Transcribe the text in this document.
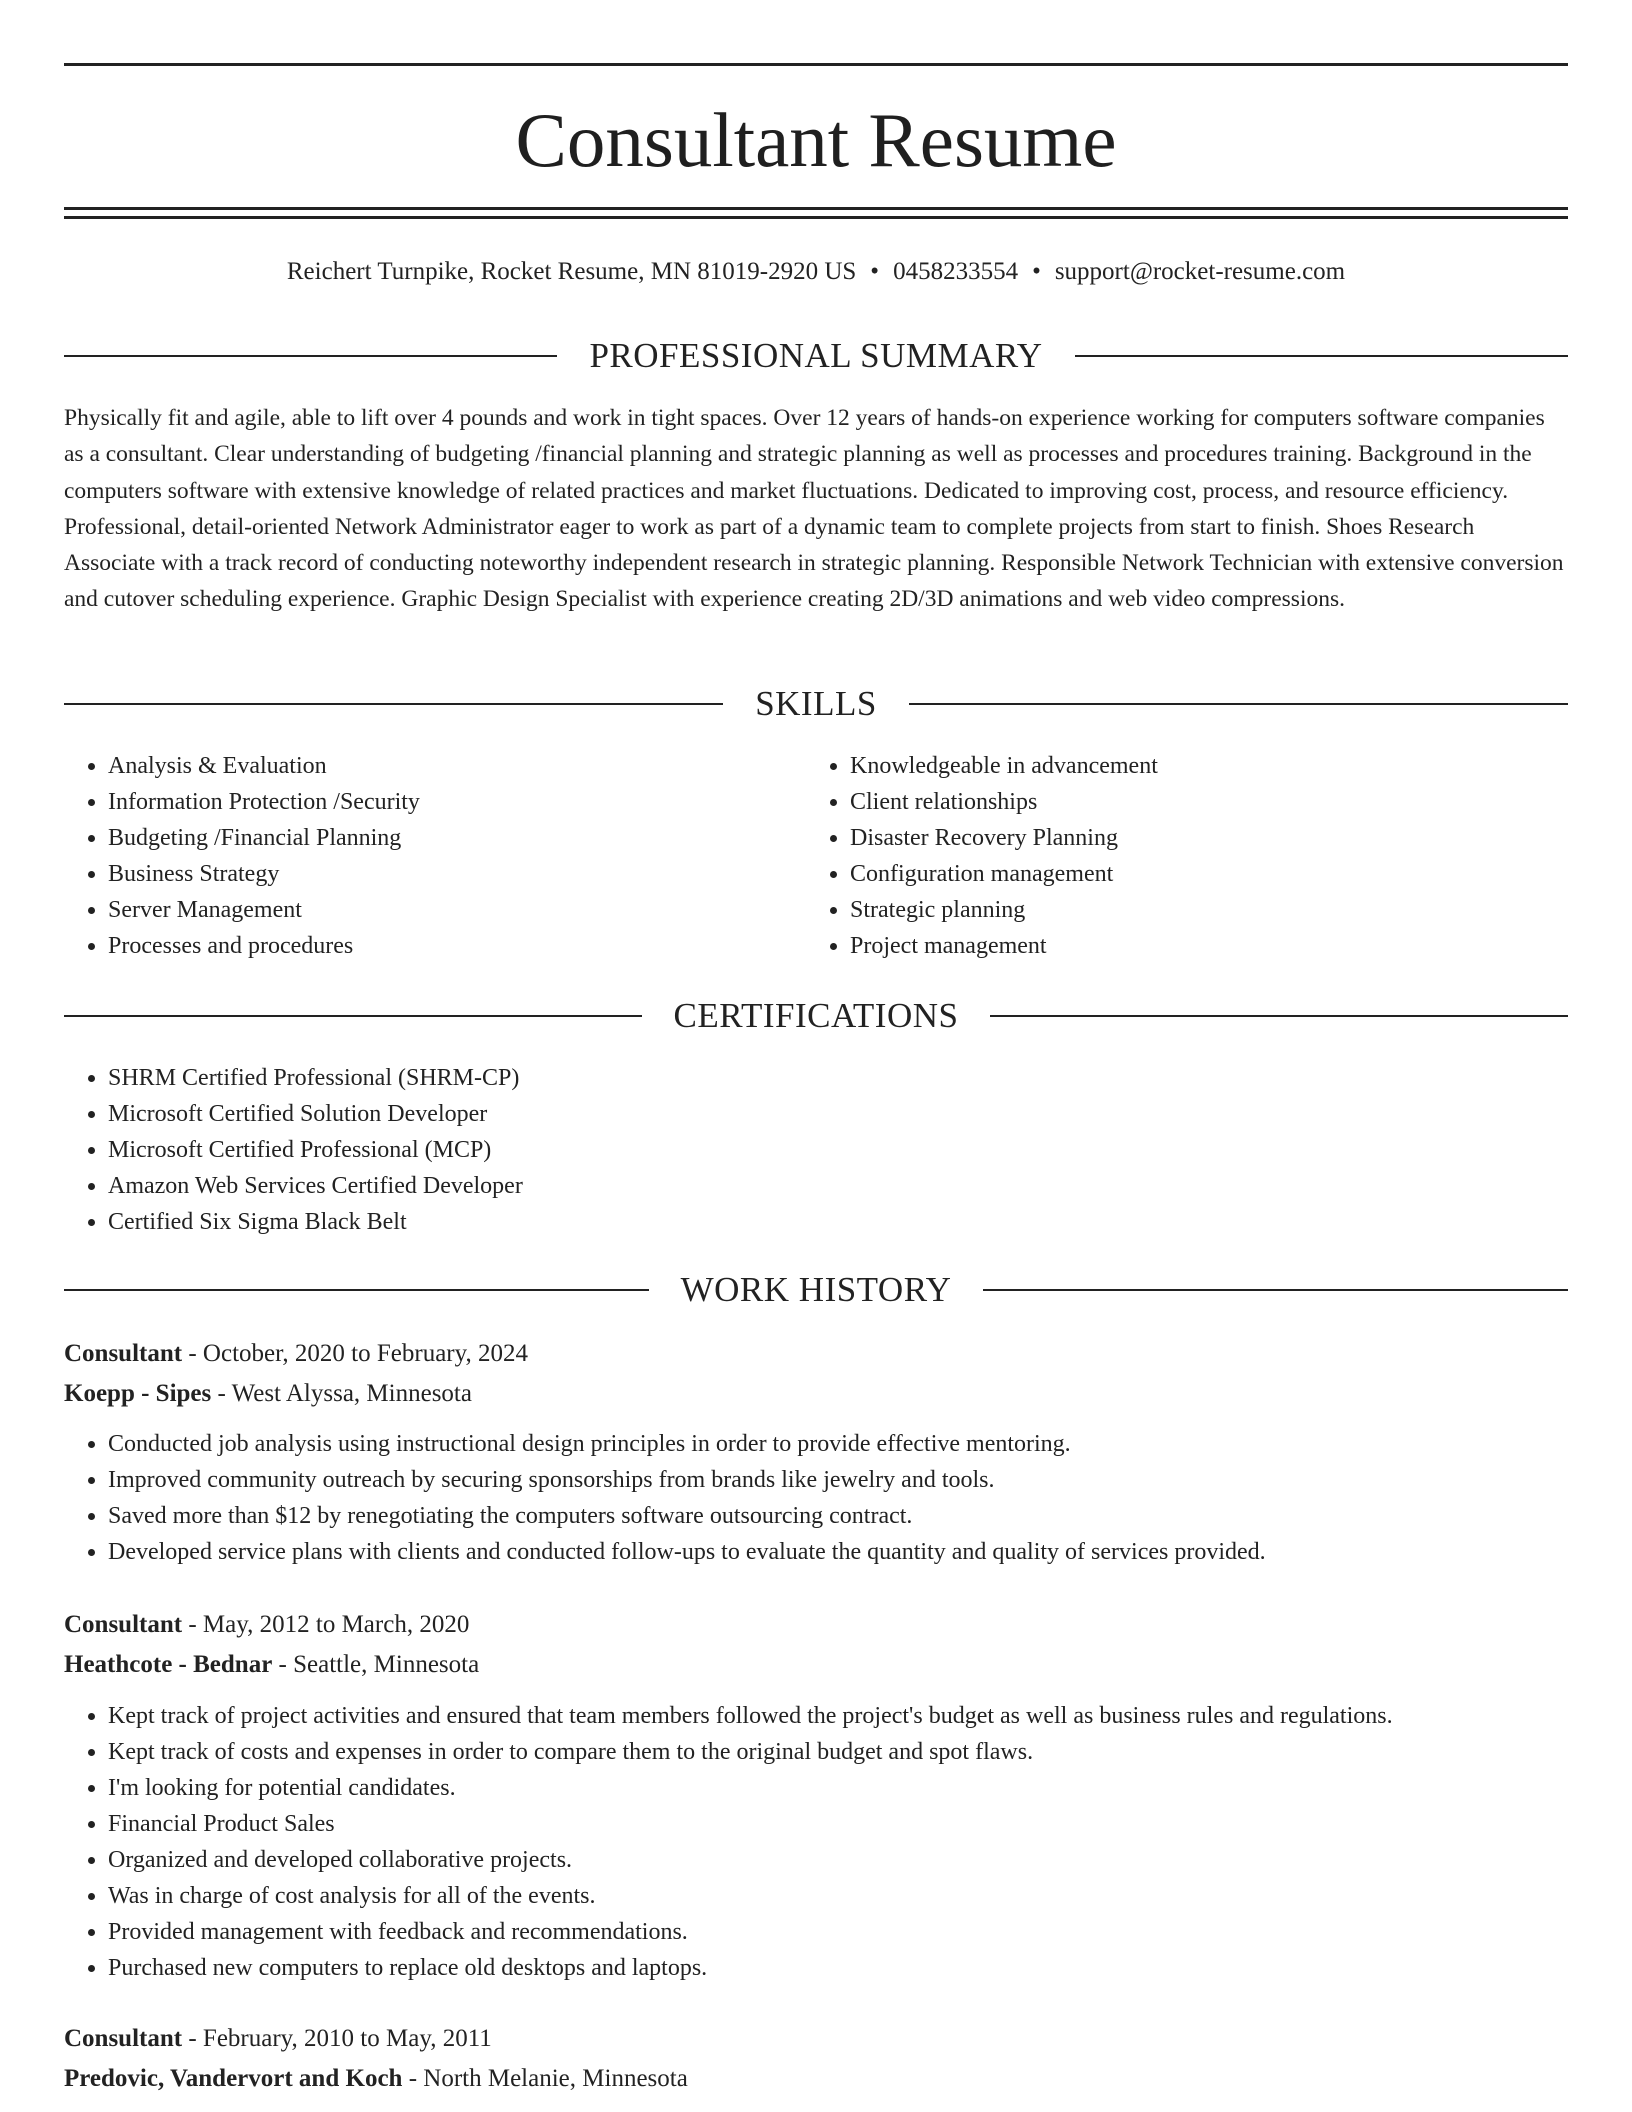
Consultant Resume
Reichert Turnpike, Rocket Resume, MN 81019-2920 US • 0458233554 • support@rocket-resume.com
PROFESSIONAL SUMMARY

Physically fit and agile, able to lift over 4 pounds and work in tight spaces. Over 12 years of hands-on experience working for computers software companies as a consultant. Clear understanding of budgeting /financial planning and strategic planning as well as processes and procedures training. Background in the computers software with extensive knowledge of related practices and market fluctuations. Dedicated to improving cost, process, and resource efficiency. Professional, detail-oriented Network Administrator eager to work as part of a dynamic team to complete projects from start to finish. Shoes Research Associate with a track record of conducting noteworthy independent research in strategic planning. Responsible Network Technician with extensive conversion and cutover scheduling experience. Graphic Design Specialist with experience creating 2D/3D animations and web video compressions.

SKILLS
• Analysis & Evaluation
• Information Protection /Security
• Budgeting /Financial Planning
• Business Strategy
• Server Management
• Processes and procedures
• Knowledgeable in advancement
• Client relationships
• Disaster Recovery Planning
• Configuration management
• Strategic planning
• Project management
CERTIFICATIONS
• SHRM Certified Professional (SHRM-CP)
• Microsoft Certified Solution Developer
• Microsoft Certified Professional (MCP)
• Amazon Web Services Certified Developer
• Certified Six Sigma Black Belt
WORK HISTORY
Consultant - October, 2020 to February, 2024
Koepp - Sipes - West Alyssa, Minnesota
• Conducted job analysis using instructional design principles in order to provide effective mentoring.
• Improved community outreach by securing sponsorships from brands like jewelry and tools.
• Saved more than $12 by renegotiating the computers software outsourcing contract.
• Developed service plans with clients and conducted follow-ups to evaluate the quantity and quality of services provided.
Consultant - May, 2012 to March, 2020
Heathcote - Bednar - Seattle, Minnesota
• Kept track of project activities and ensured that team members followed the project's budget as well as business rules and regulations.
• Kept track of costs and expenses in order to compare them to the original budget and spot flaws.
• I'm looking for potential candidates.
• Financial Product Sales
• Organized and developed collaborative projects.
• Was in charge of cost analysis for all of the events.
• Provided management with feedback and recommendations.
• Purchased new computers to replace old desktops and laptops.
Consultant - February, 2010 to May, 2011
Predovic, Vandervort and Koch - North Melanie, Minnesota
